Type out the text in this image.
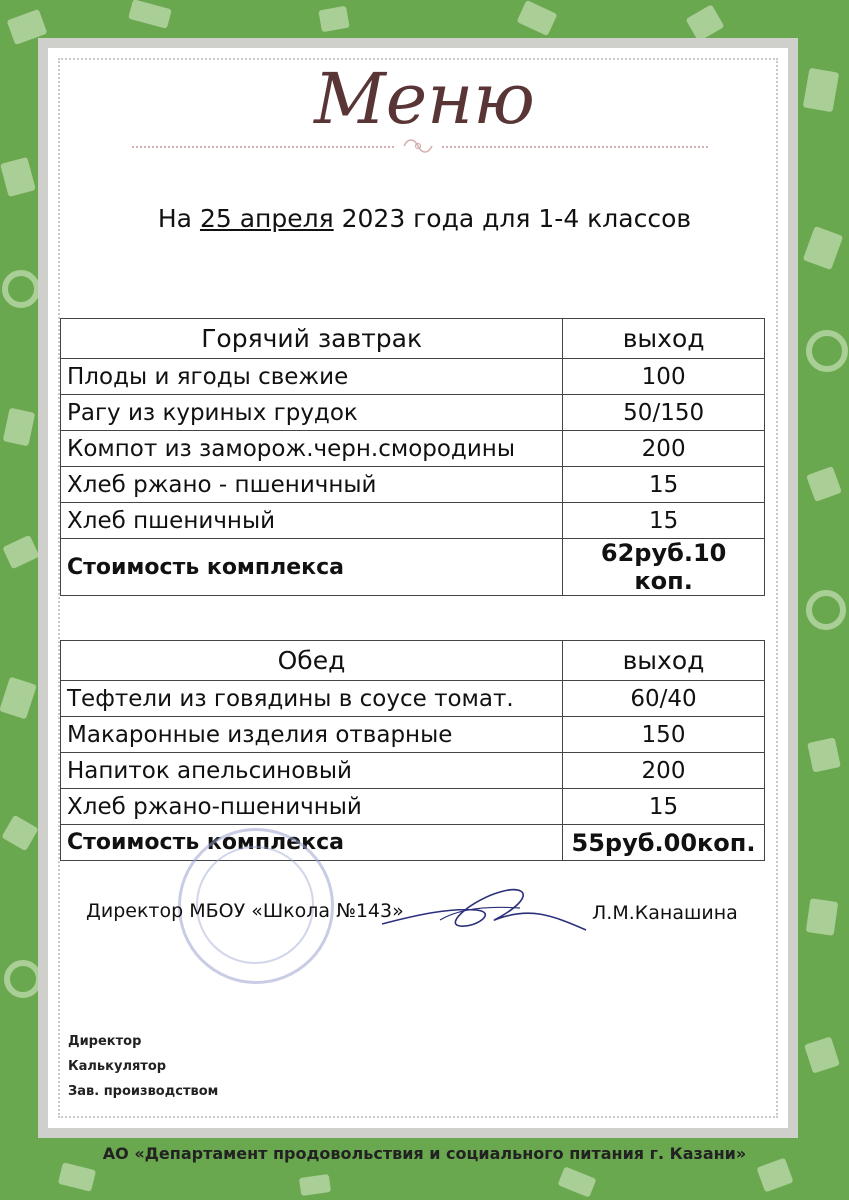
Меню
На 25 апреля 2023 года для 1-4 классов
Горячий завтрак	выход
Плоды и ягоды свежие	100
Рагу из куриных грудок	50/150
Компот из заморож.черн.смородины	200
Хлеб ржано - пшеничный	15
Хлеб пшеничный	15
Стоимость комплекса	62руб.10 коп.
Обед	выход
Тефтели из говядины в соусе томат.	60/40
Макаронные изделия отварные	150
Напиток апельсиновый	200
Хлеб ржано-пшеничный	15
Стоимость комплекса	55руб.00коп.
Директор МБОУ «Школа №143»	Л.М.Канашина
Директор
Калькулятор
Зав. производством
АО «Департамент продовольствия и социального питания г. Казани»
